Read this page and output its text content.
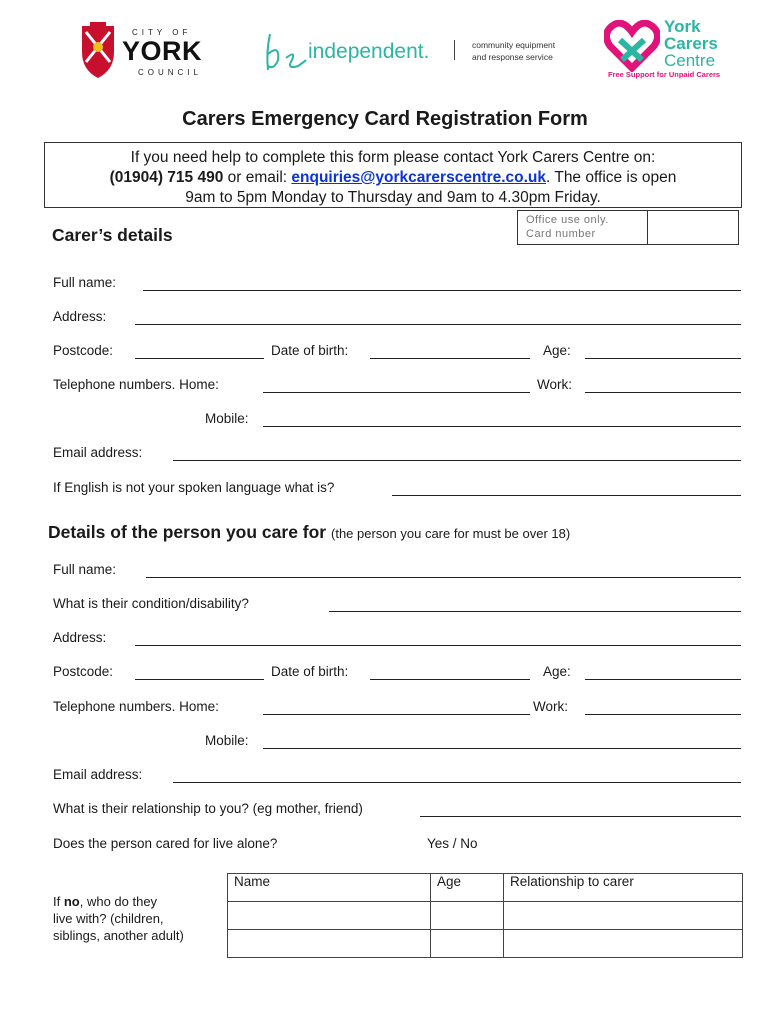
CITY OF
YORK
COUNCIL
independent.	community equipment
and response service
York
Carers
Centre
Free Support for Unpaid Carers
Carers Emergency Card Registration Form
If you need help to complete this form please contact York Carers Centre on:
(01904) 715 490 or email: enquiries@yorkcarerscentre.co.uk. The office is open
9am to 5pm Monday to Thursday and 9am to 4.30pm Friday.
Office use only.
Card number
Carer’s details
Full name:
Address:
Postcode:	Date of birth:	Age:
Telephone numbers. Home:	Work:
Mobile:
Email address:
If English is not your spoken language what is?
Details of the person you care for (the person you care for must be over 18)
Full name:
What is their condition/disability?
Address:
Postcode:	Date of birth:	Age:
Telephone numbers. Home:	Work:
Mobile:
Email address:
What is their relationship to you? (eg mother, friend)
Does the person cared for live alone?	Yes / No
If no, who do they
live with? (children,
siblings, another adult)
Name	Age	Relationship to carer
